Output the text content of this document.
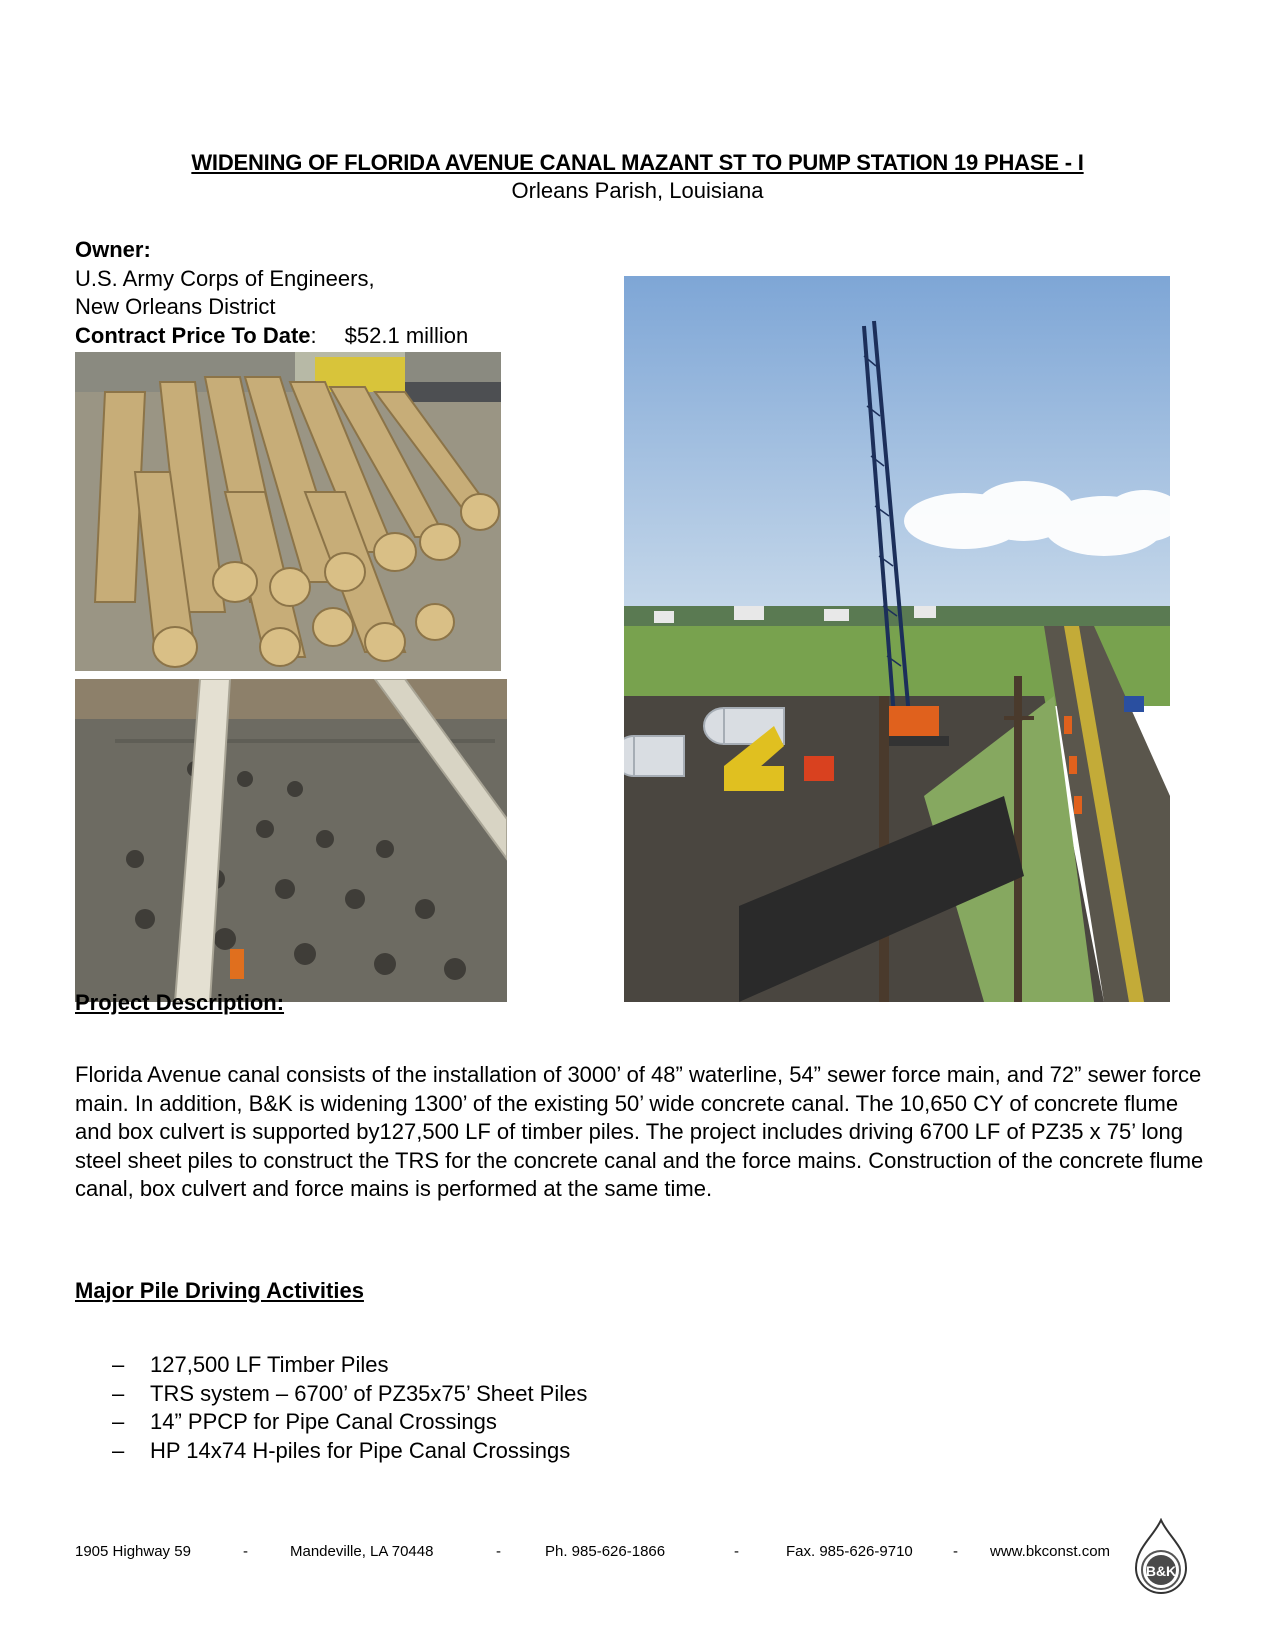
WIDENING OF FLORIDA AVENUE CANAL MAZANT ST TO PUMP STATION 19 PHASE - I
Orleans Parish, Louisiana
Owner:
U.S. Army Corps of Engineers,
New Orleans District
Contract Price To Date: $52.1 million
Project Description:
Florida Avenue canal consists of the installation of 3000’ of 48” waterline, 54” sewer force main, and 72” sewer force main. In addition, B&K is widening 1300’ of the existing 50’ wide concrete canal. The 10,650 CY of concrete flume and box culvert is supported by127,500 LF of timber piles. The project includes driving 6700 LF of PZ35 x 75’ long steel sheet piles to construct the TRS for the concrete canal and the force mains. Construction of the concrete flume canal, box culvert and force mains is performed at the same time.
Major Pile Driving Activities
–	127,500 LF Timber Piles
–	TRS system – 6700’ of PZ35x75’ Sheet Piles
–	14” PPCP for Pipe Canal Crossings
–	HP 14x74 H-piles for Pipe Canal Crossings
1905 Highway 59	-	Mandeville, LA 70448	-	Ph. 985-626-1866	-	Fax. 985-626-9710	- www.bkconst.com
B&K
